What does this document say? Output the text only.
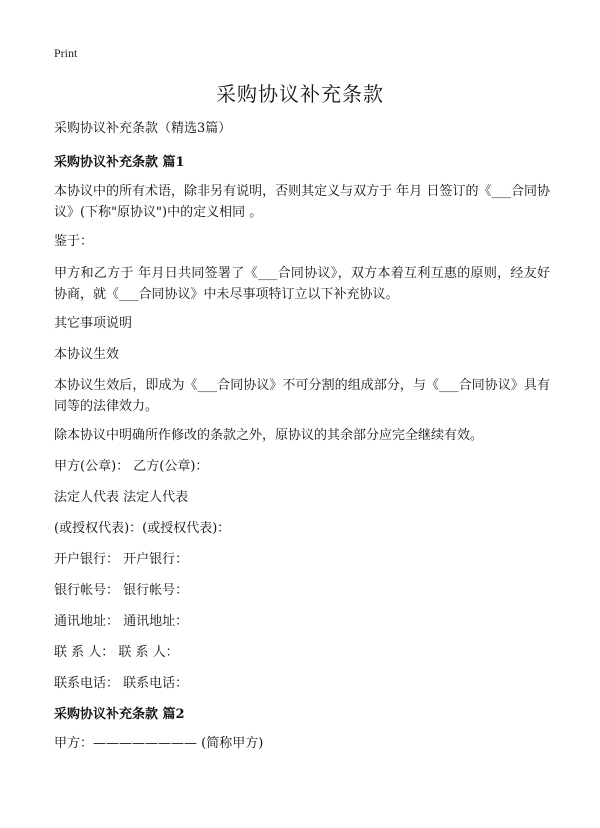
Print
采购协议补充条款

采购协议补充条款（精选3篇）

采购协议补充条款 篇1

本协议中的所有术语，除非另有说明，否则其定义与双方于 年月 日签订的《___合同协议》(下称"原协议")中的定义相同 。

鉴于：

甲方和乙方于 年月日共同签署了《___合同协议》，双方本着互利互惠的原则，经友好协商，就《___合同协议》中未尽事项特订立以下补充协议。

其它事项说明

本协议生效

本协议生效后，即成为《___合同协议》不可分割的组成部分，与《___合同协议》具有同等的法律效力。

除本协议中明确所作修改的条款之外，原协议的其余部分应完全继续有效。

甲方(公章)： 乙方(公章)：

法定人代表 法定人代表

(或授权代表)：(或授权代表)：

开户银行： 开户银行：

银行帐号： 银行帐号：

通讯地址： 通讯地址：

联 系 人： 联 系 人：

联系电话： 联系电话：

采购协议补充条款 篇2

甲方：———————— (简称甲方)
